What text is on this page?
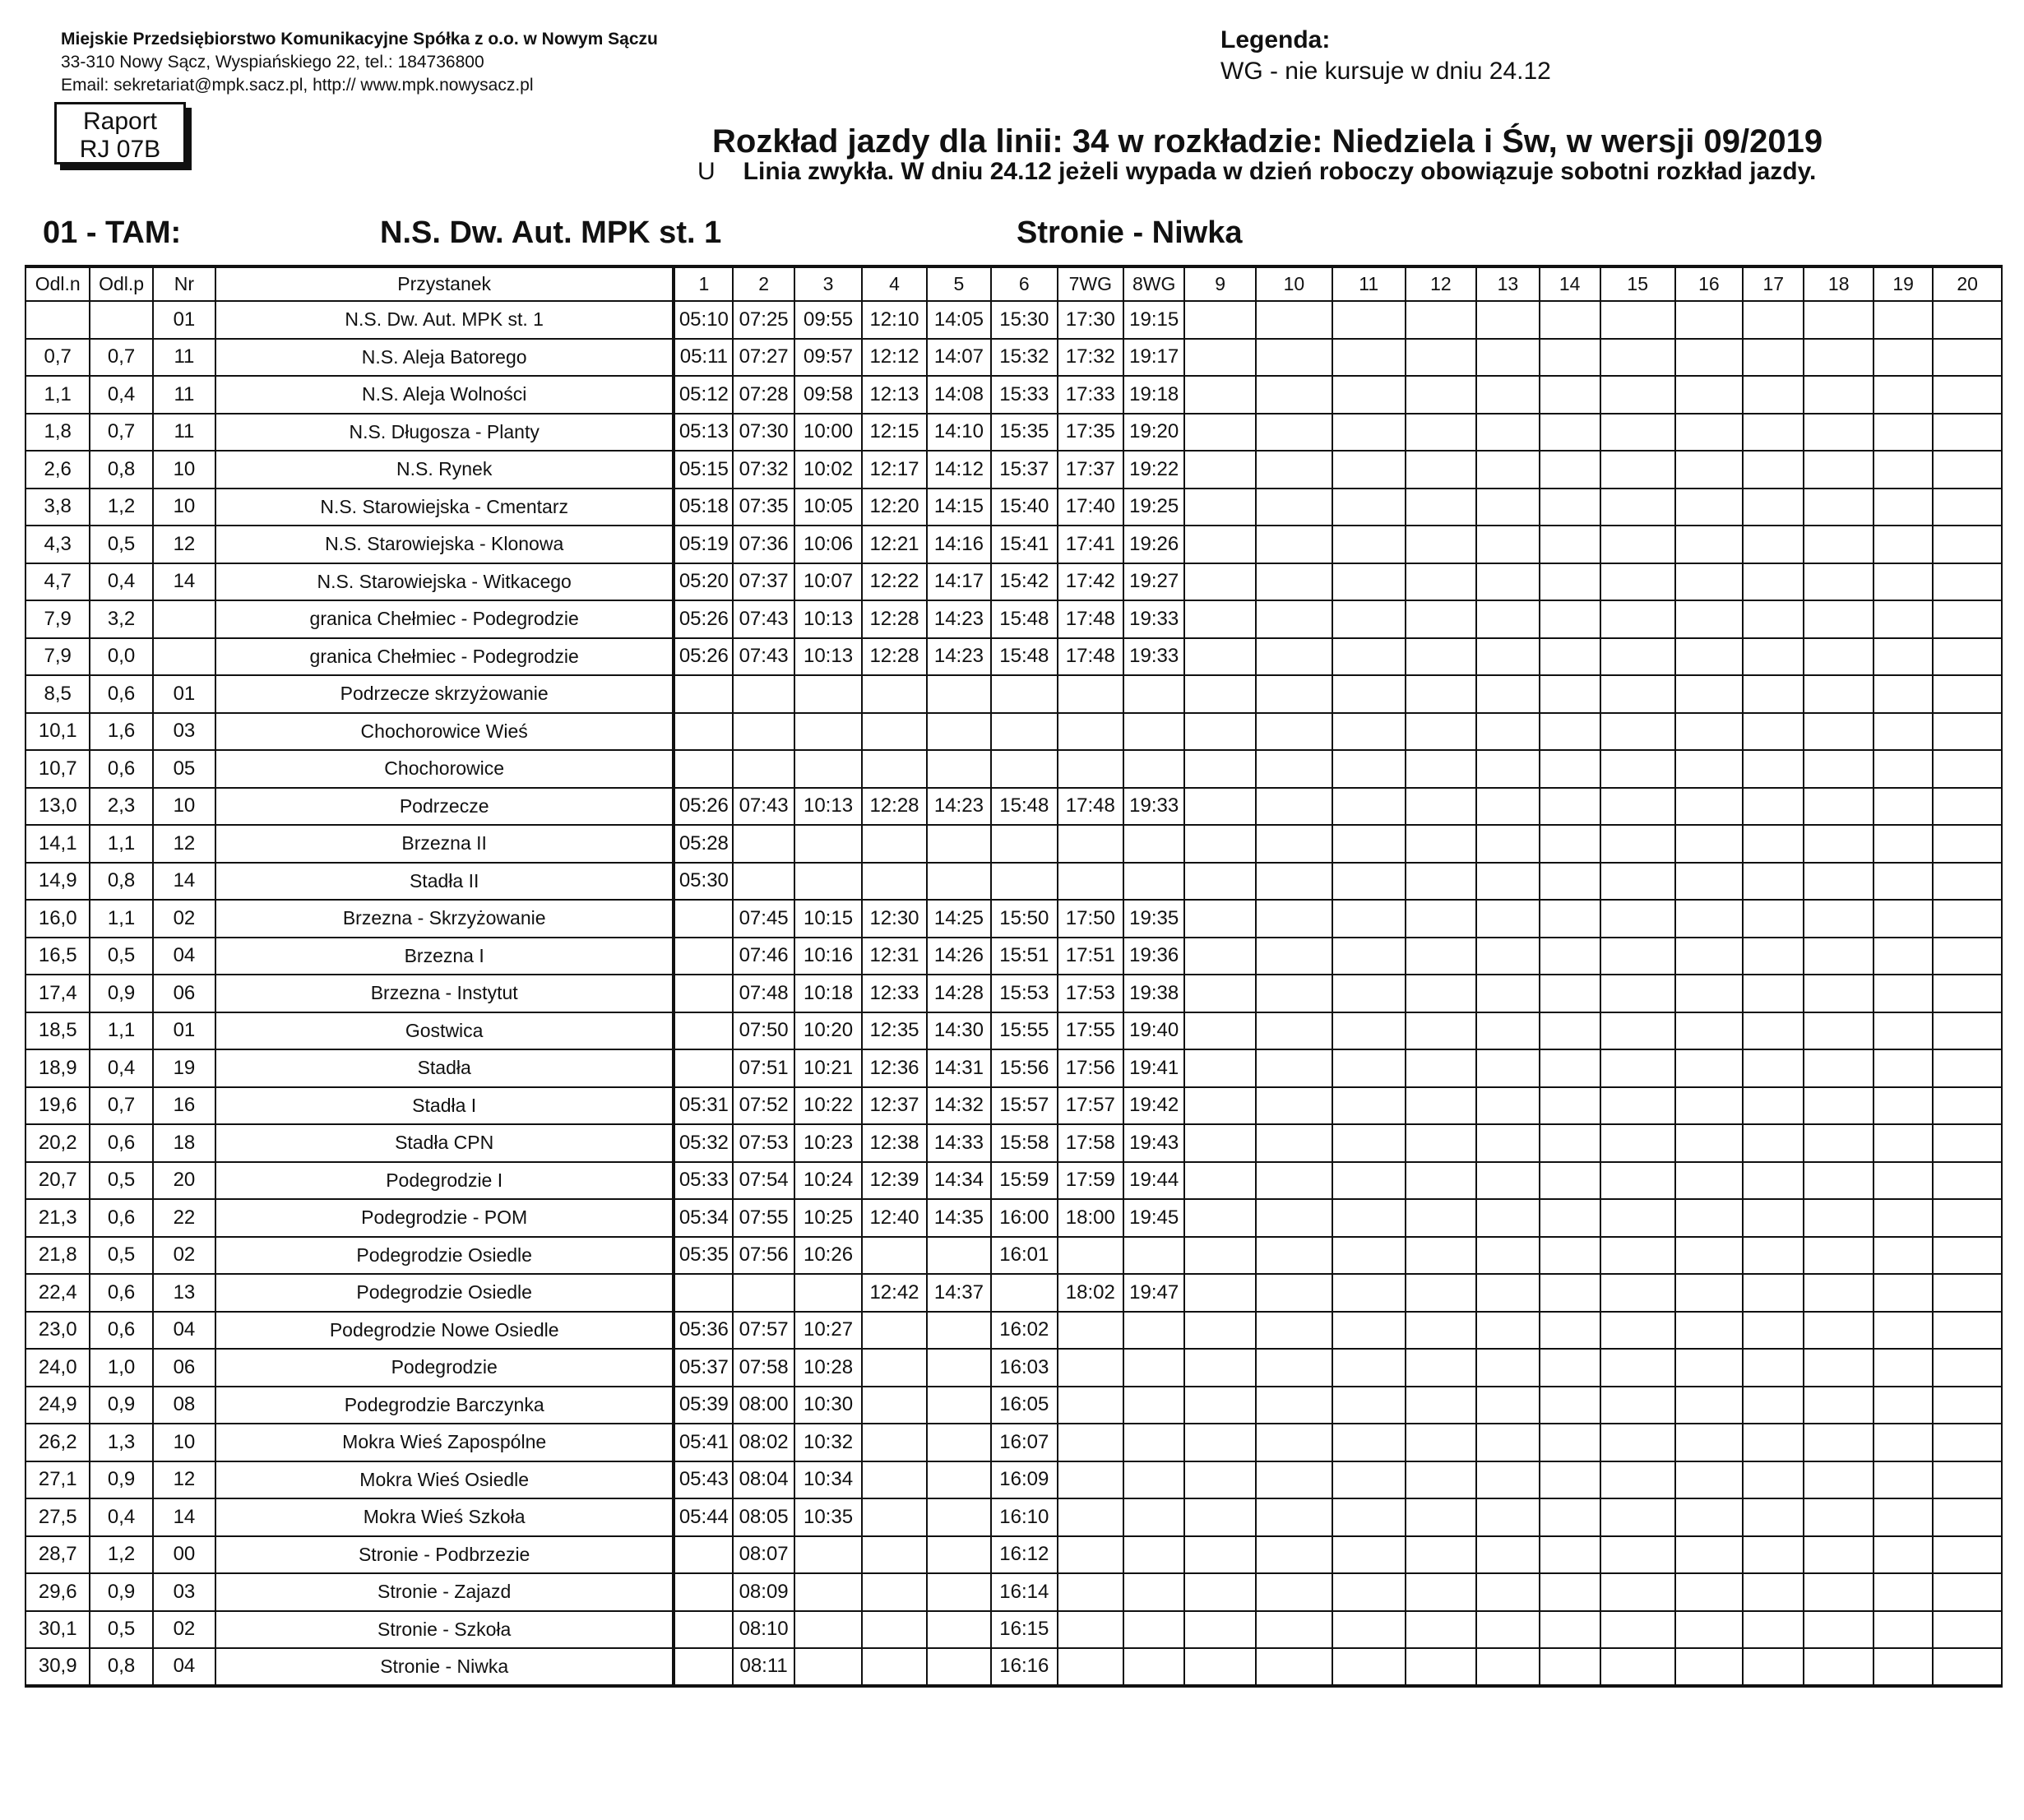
Miejskie Przedsiębiorstwo Komunikacyjne Spółka z o.o. w Nowym Sączu
33-310 Nowy Sącz, Wyspiańskiego 22, tel.: 184736800
Email: sekretariat@mpk.sacz.pl, http:// www.mpk.nowysacz.pl
Legenda:
WG - nie kursuje w dniu 24.12
Raport
RJ 07B	Rozkład jazdy dla linii: 34 w rozkładzie: Niedziela i Św, w wersji 09/2019
U Linia zwykła. W dniu 24.12 jeżeli wypada w dzień roboczy obowiązuje sobotni rozkład jazdy.
01 - TAM:	N.S. Dw. Aut. MPK st. 1	Stronie - Niwka
Odl.n	Odl.p	Nr	Przystanek	1	2	3	4	5	6	7WG	8WG	9	10	11	12	13	14	15	16	17	18	19	20
		01	N.S. Dw. Aut. MPK st. 1	05:10	07:25	09:55	12:10	14:05	15:30	17:30	19:15												
0,7	0,7	11	N.S. Aleja Batorego	05:11	07:27	09:57	12:12	14:07	15:32	17:32	19:17												
1,1	0,4	11	N.S. Aleja Wolności	05:12	07:28	09:58	12:13	14:08	15:33	17:33	19:18												
1,8	0,7	11	N.S. Długosza - Planty	05:13	07:30	10:00	12:15	14:10	15:35	17:35	19:20												
2,6	0,8	10	N.S. Rynek	05:15	07:32	10:02	12:17	14:12	15:37	17:37	19:22												
3,8	1,2	10	N.S. Starowiejska - Cmentarz	05:18	07:35	10:05	12:20	14:15	15:40	17:40	19:25												
4,3	0,5	12	N.S. Starowiejska - Klonowa	05:19	07:36	10:06	12:21	14:16	15:41	17:41	19:26												
4,7	0,4	14	N.S. Starowiejska - Witkacego	05:20	07:37	10:07	12:22	14:17	15:42	17:42	19:27												
7,9	3,2		granica Chełmiec - Podegrodzie	05:26	07:43	10:13	12:28	14:23	15:48	17:48	19:33												
7,9	0,0		granica Chełmiec - Podegrodzie	05:26	07:43	10:13	12:28	14:23	15:48	17:48	19:33												
8,5	0,6	01	Podrzecze skrzyżowanie																				
10,1	1,6	03	Chochorowice Wieś																				
10,7	0,6	05	Chochorowice																				
13,0	2,3	10	Podrzecze	05:26	07:43	10:13	12:28	14:23	15:48	17:48	19:33												
14,1	1,1	12	Brzezna II	05:28																			
14,9	0,8	14	Stadła II	05:30																			
16,0	1,1	02	Brzezna - Skrzyżowanie		07:45	10:15	12:30	14:25	15:50	17:50	19:35												
16,5	0,5	04	Brzezna I		07:46	10:16	12:31	14:26	15:51	17:51	19:36												
17,4	0,9	06	Brzezna - Instytut		07:48	10:18	12:33	14:28	15:53	17:53	19:38												
18,5	1,1	01	Gostwica		07:50	10:20	12:35	14:30	15:55	17:55	19:40												
18,9	0,4	19	Stadła		07:51	10:21	12:36	14:31	15:56	17:56	19:41												
19,6	0,7	16	Stadła I	05:31	07:52	10:22	12:37	14:32	15:57	17:57	19:42												
20,2	0,6	18	Stadła CPN	05:32	07:53	10:23	12:38	14:33	15:58	17:58	19:43												
20,7	0,5	20	Podegrodzie I	05:33	07:54	10:24	12:39	14:34	15:59	17:59	19:44												
21,3	0,6	22	Podegrodzie - POM	05:34	07:55	10:25	12:40	14:35	16:00	18:00	19:45												
21,8	0,5	02	Podegrodzie Osiedle	05:35	07:56	10:26			16:01														
22,4	0,6	13	Podegrodzie Osiedle				12:42	14:37		18:02	19:47												
23,0	0,6	04	Podegrodzie Nowe Osiedle	05:36	07:57	10:27			16:02														
24,0	1,0	06	Podegrodzie	05:37	07:58	10:28			16:03														
24,9	0,9	08	Podegrodzie Barczynka	05:39	08:00	10:30			16:05														
26,2	1,3	10	Mokra Wieś Zapospólne	05:41	08:02	10:32			16:07														
27,1	0,9	12	Mokra Wieś Osiedle	05:43	08:04	10:34			16:09														
27,5	0,4	14	Mokra Wieś Szkoła	05:44	08:05	10:35			16:10														
28,7	1,2	00	Stronie - Podbrzezie		08:07				16:12														
29,6	0,9	03	Stronie - Zajazd		08:09				16:14														
30,1	0,5	02	Stronie - Szkoła		08:10				16:15														
30,9	0,8	04	Stronie - Niwka		08:11				16:16														
